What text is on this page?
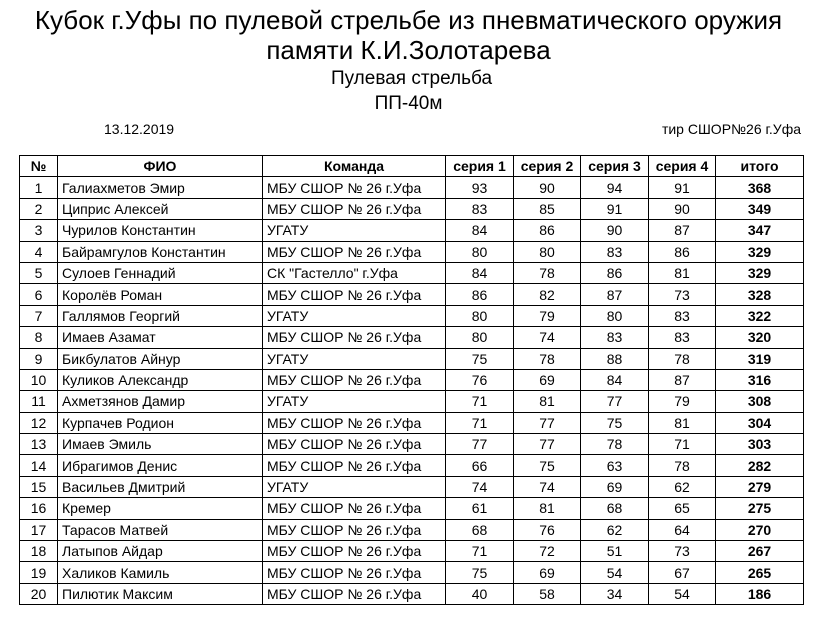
Кубок г.Уфы по пулевой стрельбе из пневматического оружия
памяти К.И.Золотарева
Пулевая стрельба
ПП-40м
13.12.2019	тир СШОР№26 г.Уфа
№	ФИО	Команда	серия 1	серия 2	серия 3	серия 4	итого
1	Галиахметов Эмир	МБУ СШОР № 26 г.Уфа	93	90	94	91	368
2	Циприс Алексей	МБУ СШОР № 26 г.Уфа	83	85	91	90	349
3	Чурилов Константин	УГАТУ	84	86	90	87	347
4	Байрамгулов Константин	МБУ СШОР № 26 г.Уфа	80	80	83	86	329
5	Сулоев Геннадий	СК "Гастелло" г.Уфа	84	78	86	81	329
6	Королёв Роман	МБУ СШОР № 26 г.Уфа	86	82	87	73	328
7	Галлямов Георгий	УГАТУ	80	79	80	83	322
8	Имаев Азамат	МБУ СШОР № 26 г.Уфа	80	74	83	83	320
9	Бикбулатов Айнур	УГАТУ	75	78	88	78	319
10	Куликов Александр	МБУ СШОР № 26 г.Уфа	76	69	84	87	316
11	Ахметзянов Дамир	УГАТУ	71	81	77	79	308
12	Курпачев Родион	МБУ СШОР № 26 г.Уфа	71	77	75	81	304
13	Имаев Эмиль	МБУ СШОР № 26 г.Уфа	77	77	78	71	303
14	Ибрагимов Денис	МБУ СШОР № 26 г.Уфа	66	75	63	78	282
15	Васильев Дмитрий	УГАТУ	74	74	69	62	279
16	Кремер	МБУ СШОР № 26 г.Уфа	61	81	68	65	275
17	Тарасов Матвей	МБУ СШОР № 26 г.Уфа	68	76	62	64	270
18	Латыпов Айдар	МБУ СШОР № 26 г.Уфа	71	72	51	73	267
19	Халиков Камиль	МБУ СШОР № 26 г.Уфа	75	69	54	67	265
20	Пилютик Максим	МБУ СШОР № 26 г.Уфа	40	58	34	54	186
